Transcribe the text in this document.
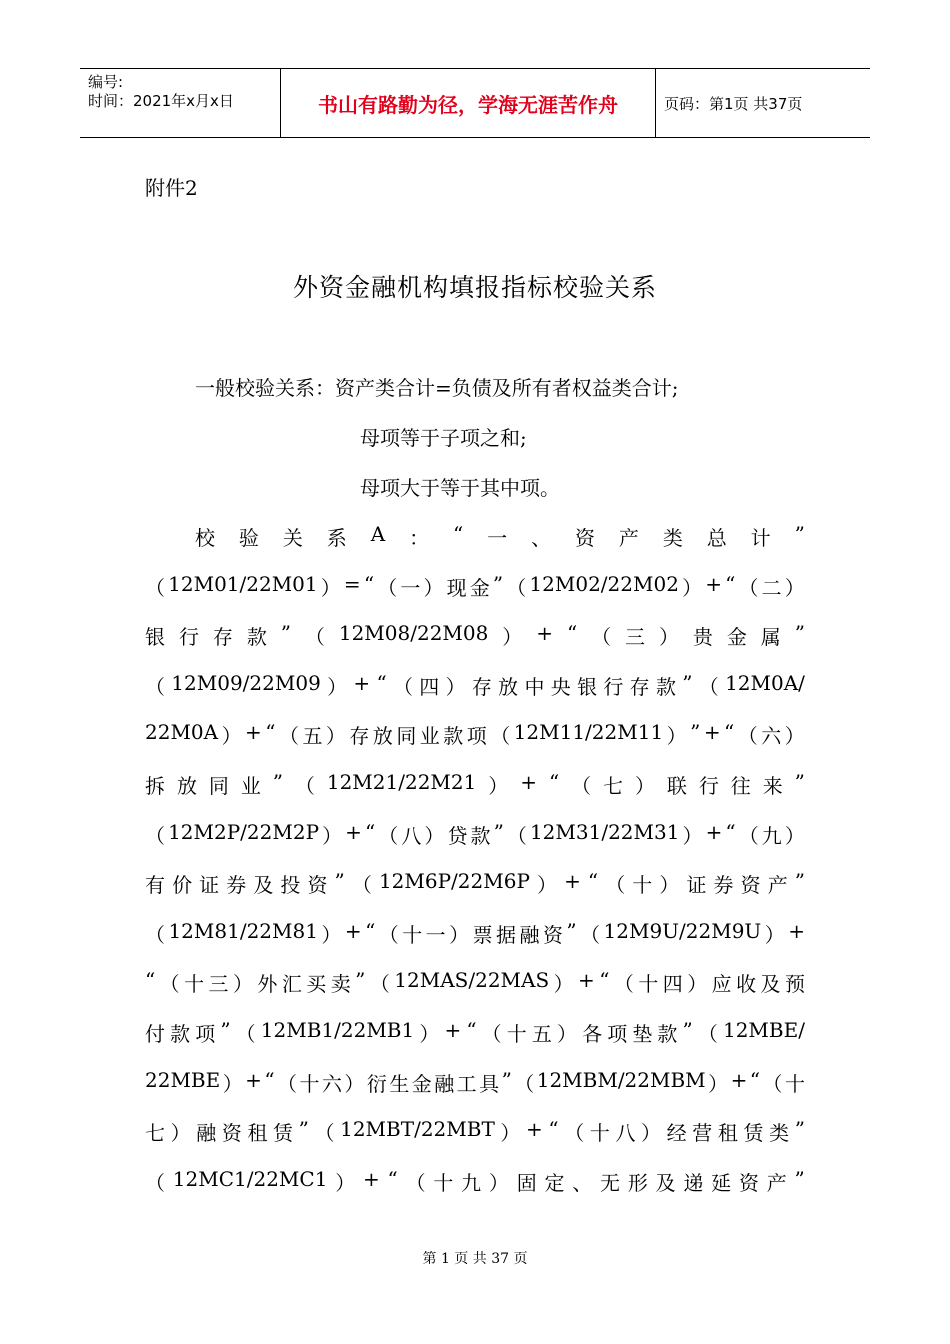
编号:
时间：2021年x月x日	书山有路勤为径，学海无涯苦作舟	页码：第1页 共37页
附件2
外资金融机构填报指标校验关系
一般校验关系：资产类合计=负债及所有者权益类合计;
母项等于子项之和;
母项大于等于其中项。
校 验 关 系 A ： “ 一 、 资 产 类 总 计 ”
（ 12M01/22M01 ） = “ （ 一 ） 现 金 ” （ 12M02/22M02 ） + “ （ 二 ）
银 行 存 款 ” （ 12M08/22M08 ） + “ （ 三 ） 贵 金 属 ”
（ 12M09/22M09 ） + “ （ 四 ） 存 放 中 央 银 行 存 款 ” （ 12M0A/
22M0A ） + “ （ 五 ） 存 放 同 业 款 项 （ 12M11/22M11 ） ” + “ （ 六 ）
拆 放 同 业 ” （ 12M21/22M21 ） + “ （ 七 ） 联 行 往 来 ”
（ 12M2P/22M2P ） + “ （ 八 ） 贷 款 ” （ 12M31/22M31 ） + “ （ 九 ）
有 价 证 券 及 投 资 ” （ 12M6P/22M6P ） + “ （ 十 ） 证 券 资 产 ”
（ 12M81/22M81 ） + “ （ 十 一 ） 票 据 融 资 ” （ 12M9U/22M9U ） +
“ （ 十 三 ） 外 汇 买 卖 ” （ 12MAS/22MAS ） + “ （ 十 四 ） 应 收 及 预
付 款 项 ” （ 12MB1/22MB1 ） + “ （ 十 五 ） 各 项 垫 款 ” （ 12MBE/
22MBE ） + “ （ 十 六 ） 衍 生 金 融 工 具 ” （ 12MBM/22MBM ） + “ （ 十
七 ） 融 资 租 赁 ” （ 12MBT/22MBT ） + “ （ 十 八 ） 经 营 租 赁 类 ”
（ 12MC1/22MC1 ） + “ （ 十 九 ） 固 定 、 无 形 及 递 延 资 产 ”
第 1 页 共 37 页
